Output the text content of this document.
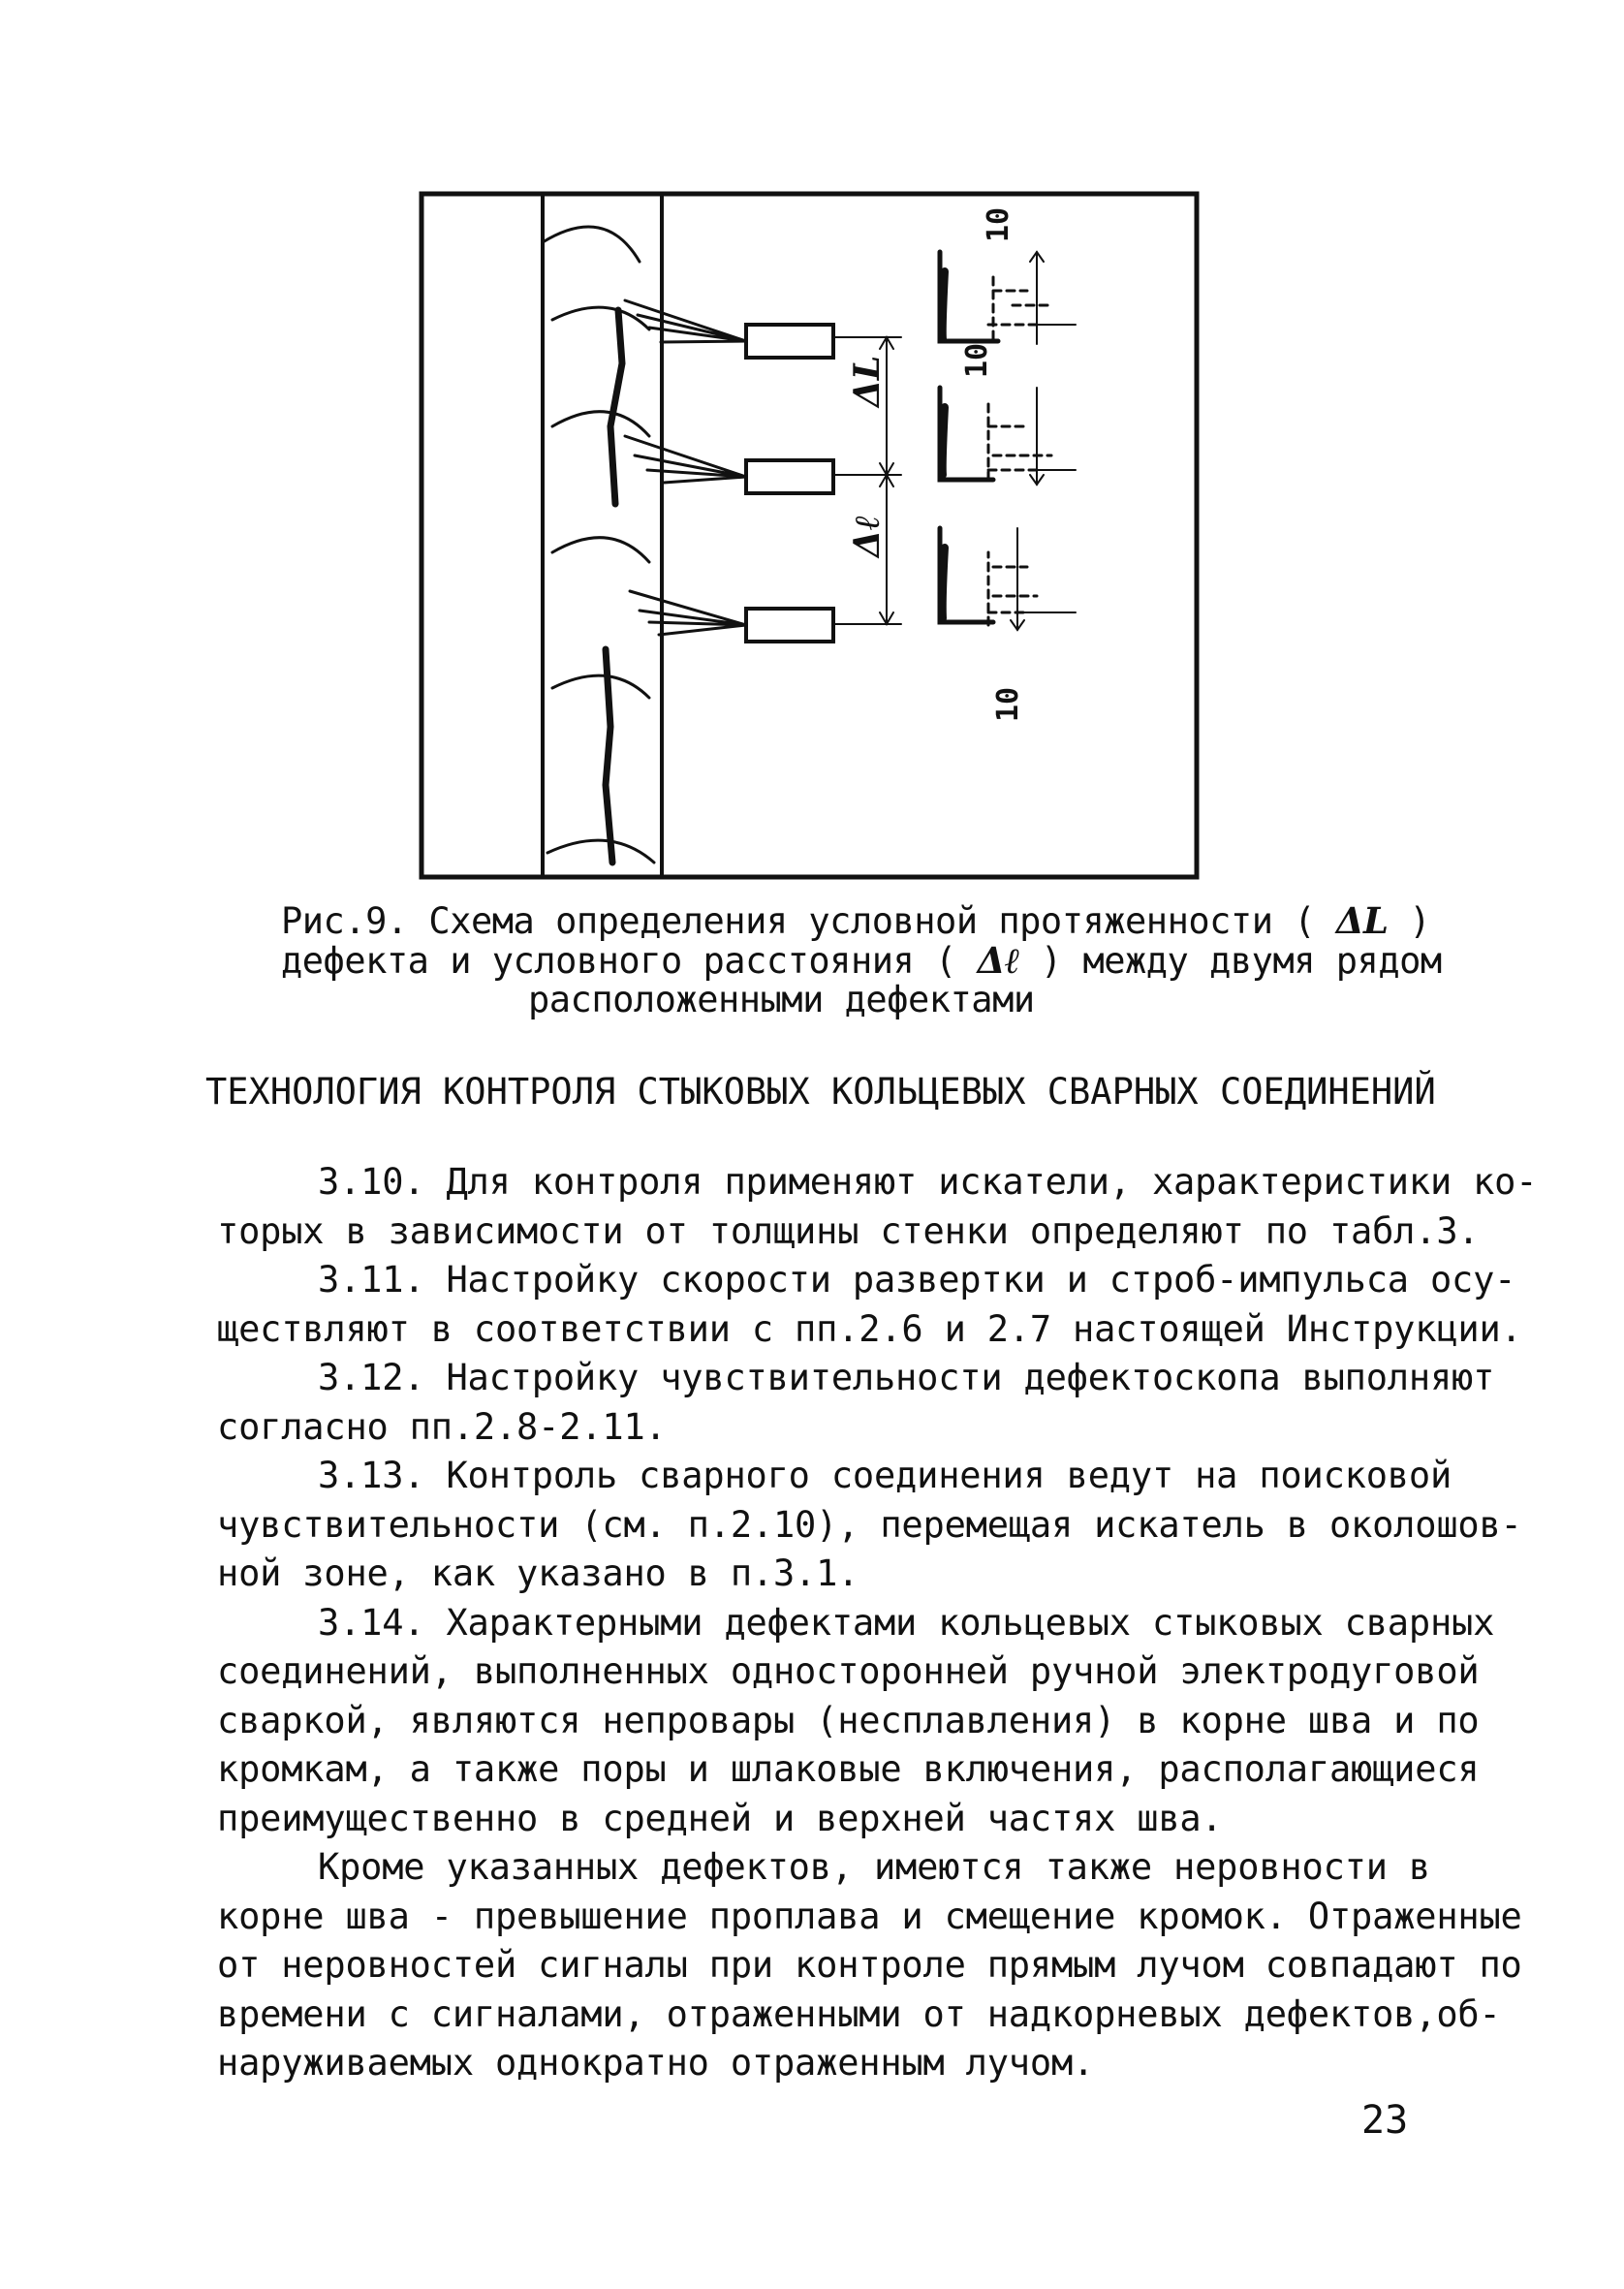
ΔL
Δℓ
10
10
10
Рис.9. Схема определения условной протяженности ( ΔL )
дефекта и условного расстояния ( Δℓ ) между двумя рядом
расположенными дефектами
ТЕХНОЛОГИЯ КОНТРОЛЯ СТЫКОВЫХ КОЛЬЦЕВЫХ СВАРНЫХ СОЕДИНЕНИЙ

3.10. Для контроля применяют искатели, характеристики ко-
торых в зависимости от толщины стенки определяют по табл.3.

3.11. Настройку скорости развертки и строб-импульса осу-
ществляют в соответствии с пп.2.6 и 2.7 настоящей Инструкции.

3.12. Настройку чувствительности дефектоскопа выполняют
согласно пп.2.8-2.11.

3.13. Контроль сварного соединения ведут на поисковой
чувствительности (см. п.2.10), перемещая искатель в околошов-
ной зоне, как указано в п.3.1.

3.14. Характерными дефектами кольцевых стыковых сварных
соединений, выполненных односторонней ручной электродуговой
сваркой, являются непровары (несплавления) в корне шва и по
кромкам, а также поры и шлаковые включения, располагающиеся
преимущественно в средней и верхней частях шва.

Кроме указанных дефектов, имеются также неровности в
корне шва - превышение проплава и смещение кромок. Отраженные
от неровностей сигналы при контроле прямым лучом совпадают по
времени с сигналами, отраженными от надкорневых дефектов,об-
наруживаемых однократно отраженным лучом.

23
